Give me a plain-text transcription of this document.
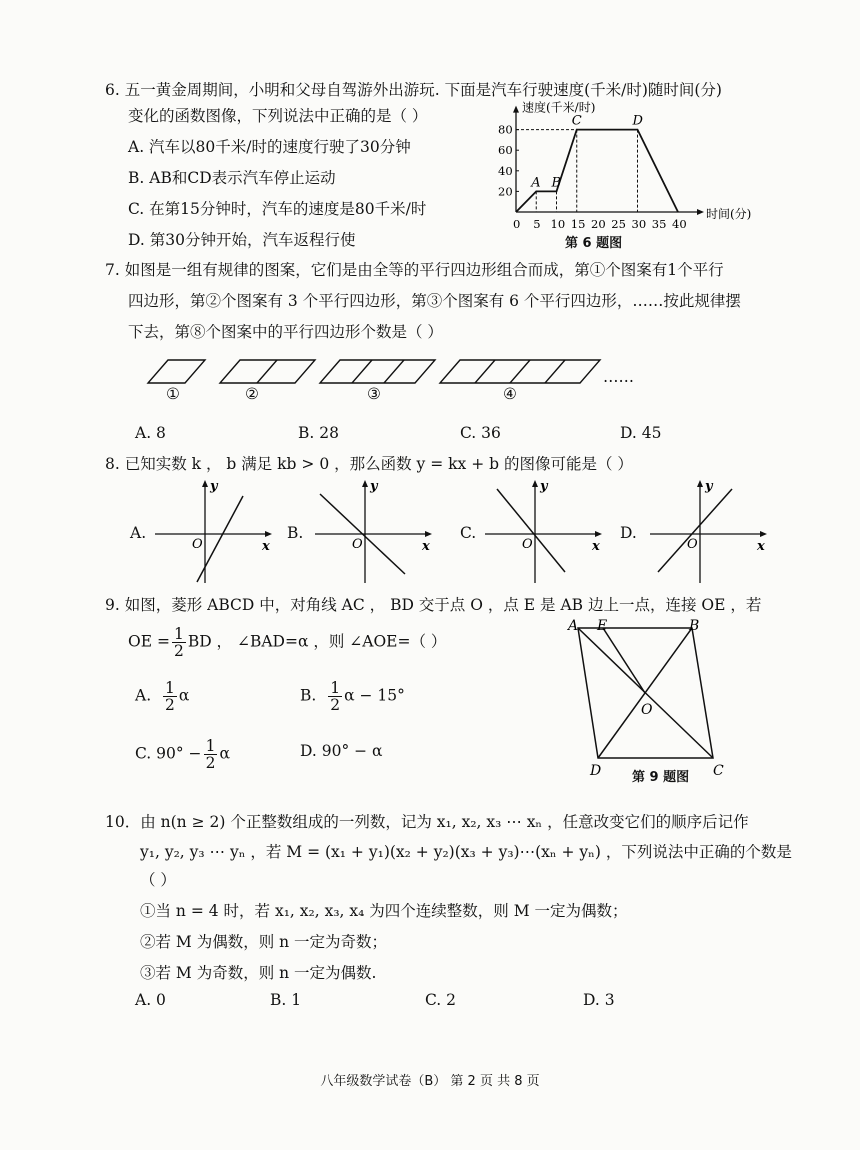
6. 五一黄金周期间，小明和父母自驾游外出游玩. 下面是汽车行驶速度(千米/时)随时间(分)
变化的函数图像，下列说法中正确的是（ ）
A. 汽车以80千米/时的速度行驶了30分钟
B. AB和CD表示汽车停止运动
C. 在第15分钟时，汽车的速度是80千米/时
D. 第30分钟开始，汽车返程行使
速度(千米/时)
时间(分)
0 5 10 15 20 25 30 35 40
20
40
60
80
A B
C	D
第 6 题图
7. 如图是一组有规律的图案，它们是由全等的平行四边形组合而成，第①个图案有1个平行
四边形，第②个图案有 3 个平行四边形，第③个图案有 6 个平行四边形，……按此规律摆
下去，第⑧个图案中的平行四边形个数是（ ）
①	②	③	④
……
A. 8	B. 28	C. 36	D. 45
8. 已知实数 k ， b 满足 kb > 0 ，那么函数 y = kx + b 的图像可能是（ ）
A.	B.	C.	D.
y
x
O
y
x
O
y
x
O
y
x
O
9. 如图，菱形 ABCD 中，对角线 AC ， BD 交于点 O ，点 E 是 AB 边上一点，连接 OE ，若
OE = $\frac{1}{2}$ BD ， ∠BAD=α ，则 ∠AOE=（ ）
A. $\frac{1}{2}$ α	B. $\frac{1}{2}$ α − 15°
C. $90^\circ - \frac{1}{2}$ α	D. 90° − α
A E	B
O
D	C
第 9 题图
10．由 n(n ≥ 2) 个正整数组成的一列数，记为 x₁, x₂, x₃ ⋯ xₙ ，任意改变它们的顺序后记作
y₁, y₂, y₃ ⋯ yₙ ，若 M = (x₁ + y₁)(x₂ + y₂)(x₃ + y₃)⋯(xₙ + yₙ) ，下列说法中正确的个数是
（ ）
①当 n = 4 时，若 x₁, x₂, x₃, x₄ 为四个连续整数，则 M 一定为偶数；
②若 M 为偶数，则 n 一定为奇数；
③若 M 为奇数，则 n 一定为偶数.
A. 0	B. 1	C. 2	D. 3
八年级数学试卷（B） 第 2 页 共 8 页
